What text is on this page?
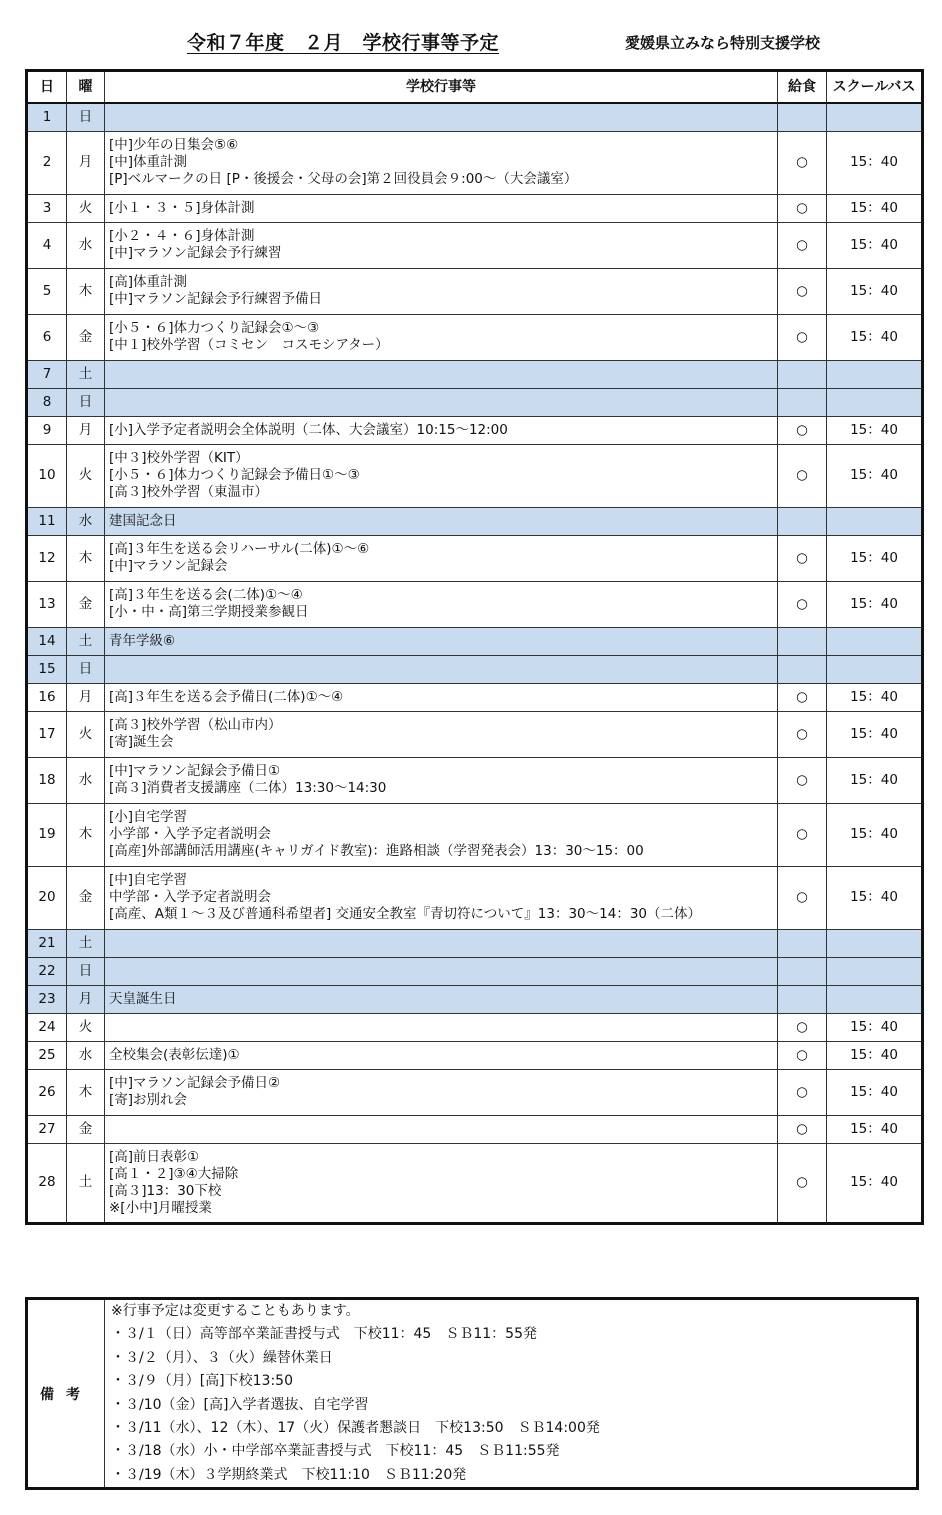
令和７年度　２月　学校行事等予定	愛媛県立みなら特別支援学校
日	曜	学校行事等	給食	スクールバス
1	日			
2	月	[中]少年の日集会⑤⑥
[中]体重計測
[P]ベルマークの日 [P・後援会・父母の会]第２回役員会９:00～（大会議室）	○	15：40
3	火	[小１・３・５]身体計測	○	15：40
4	水	[小２・４・６]身体計測
[中]マラソン記録会予行練習	○	15：40
5	木	[高]体重計測
[中]マラソン記録会予行練習予備日	○	15：40
6	金	[小５・６]体力つくり記録会①～③
[中１]校外学習（コミセン　コスモシアター）	○	15：40
7	土			
8	日			
9	月	[小]入学予定者説明会全体説明（二体、大会議室）10:15～12:00	○	15：40
10	火	[中３]校外学習（KIT）
[小５・６]体力つくり記録会予備日①～③
[高３]校外学習（東温市）	○	15：40
11	水	建国記念日		

12	木	[高]３年生を送る会リハーサル(二体)①～⑥
[中]マラソン記録会	○	15：40
13	金	[高]３年生を送る会(二体)①～④
[小・中・高]第三学期授業参観日	○	15：40
14	土	青年学級⑥		

15	日			
16	月	[高]３年生を送る会予備日(二体)①～④	○	15：40
17	火	[高３]校外学習（松山市内）
[寄]誕生会	○	15：40
18	水	[中]マラソン記録会予備日①
[高３]消費者支援講座（二体）13:30～14:30	○	15：40
19	木	[小]自宅学習
小学部・入学予定者説明会
[高産]外部講師活用講座(キャリガイド教室)：進路相談（学習発表会）13：30～15：00	○	15：40
20	金	[中]自宅学習
中学部・入学予定者説明会
[高産、A類１～３及び普通科希望者] 交通安全教室『青切符について』13：30～14：30（二体）	○	15：40
21	土			
22	日			
23	月	天皇誕生日		

24	火		○	15：40
25	水	全校集会(表彰伝達)①	○	15：40
26	木	[中]マラソン記録会予備日②
[寄]お別れ会	○	15：40
27	金		○	15：40
28	土	[高]前日表彰①
[高１・２]③④大掃除
[高３]13：30下校
※[小中]月曜授業	○	15：40
備考	
※行事予定は変更することもあります。
・３/１（日）高等部卒業証書授与式　下校11：45　ＳＢ11：55発
・３/２（月）、３（火）繰替休業日
・３/９（月）[高]下校13:50
・３/10（金）[高]入学者選抜、自宅学習
・３/11（水）、12（木）、17（火）保護者懇談日　下校13:50　ＳＢ14:00発
・３/18（水）小・中学部卒業証書授与式　下校11：45　ＳＢ11:55発
・３/19（木）３学期終業式　下校11:10　ＳＢ11:20発
